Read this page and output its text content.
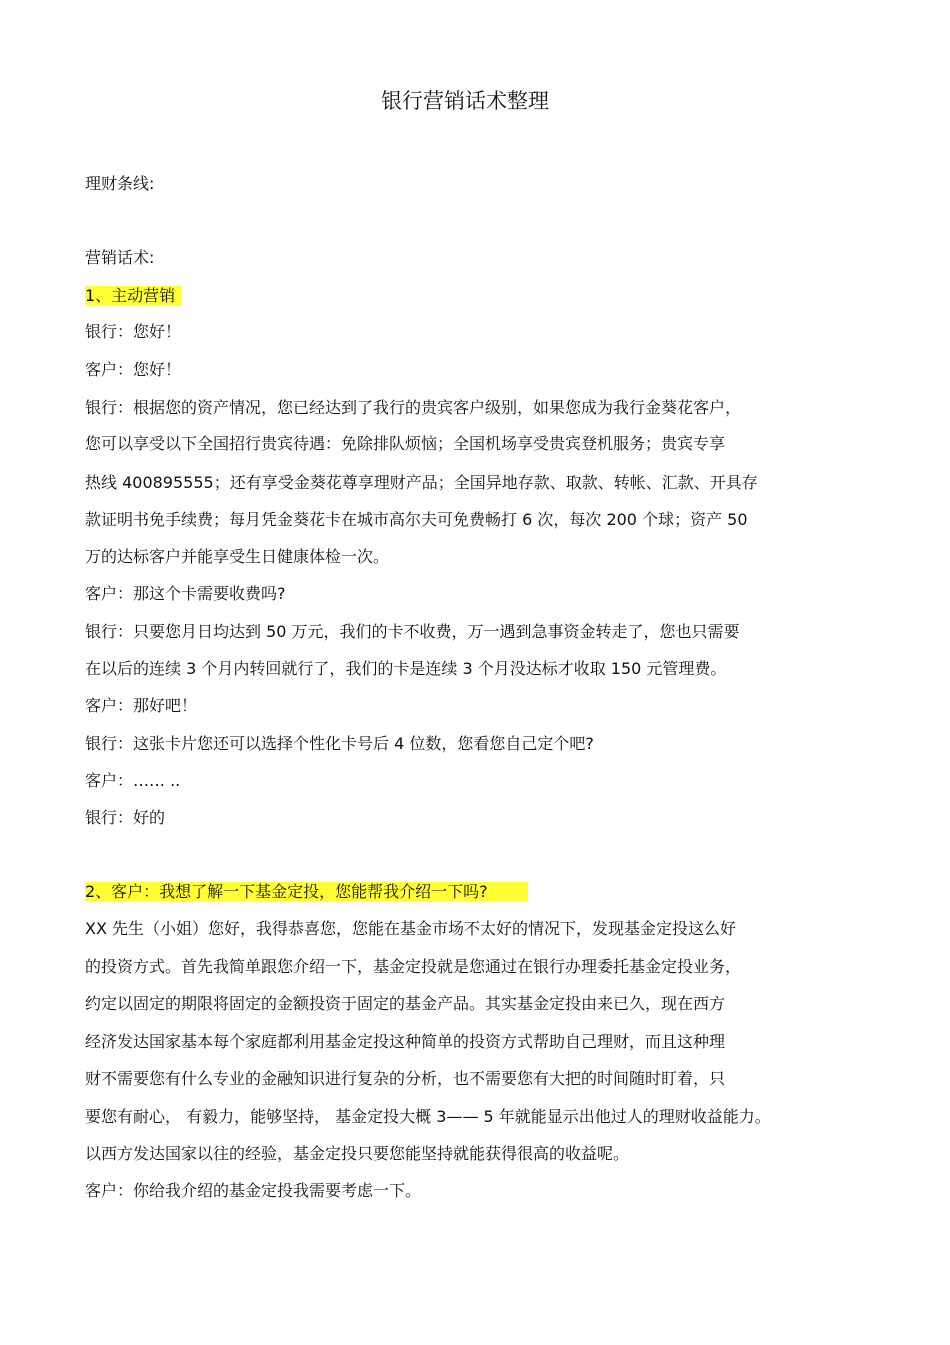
银行营销话术整理
理财条线:
营销话术:
1、主动营销
银行：您好！
客户：您好！
银行：根据您的资产情况，您已经达到了我行的贵宾客户级别，如果您成为我行金葵花客户，
您可以享受以下全国招行贵宾待遇：免除排队烦恼；全国机场享受贵宾登机服务；贵宾专享
热线 400895555；还有享受金葵花尊享理财产品；全国异地存款、取款、转帐、汇款、开具存
款证明书免手续费；每月凭金葵花卡在城市高尔夫可免费畅打 6 次，每次 200 个球；资产 50
万的达标客户并能享受生日健康体检一次。
客户：那这个卡需要收费吗?
银行：只要您月日均达到 50 万元，我们的卡不收费，万一遇到急事资金转走了，您也只需要
在以后的连续 3 个月内转回就行了，我们的卡是连续 3 个月没达标才收取 150 元管理费。
客户：那好吧！
银行：这张卡片您还可以选择个性化卡号后 4 位数，您看您自己定个吧?
客户：…… ..
银行：好的
2、客户：我想了解一下基金定投，您能帮我介绍一下吗?
XX 先生（小姐）您好，我得恭喜您，您能在基金市场不太好的情况下，发现基金定投这么好
的投资方式。首先我简单跟您介绍一下，基金定投就是您通过在银行办理委托基金定投业务，
约定以固定的期限将固定的金额投资于固定的基金产品。其实基金定投由来已久，现在西方
经济发达国家基本每个家庭都利用基金定投这种简单的投资方式帮助自己理财，而且这种理
财不需要您有什么专业的金融知识进行复杂的分析，也不需要您有大把的时间随时盯着，只
要您有耐心， 有毅力，能够坚持， 基金定投大概 3—— 5 年就能显示出他过人的理财收益能力。
以西方发达国家以往的经验，基金定投只要您能坚持就能获得很高的收益呢。
客户：你给我介绍的基金定投我需要考虑一下。
